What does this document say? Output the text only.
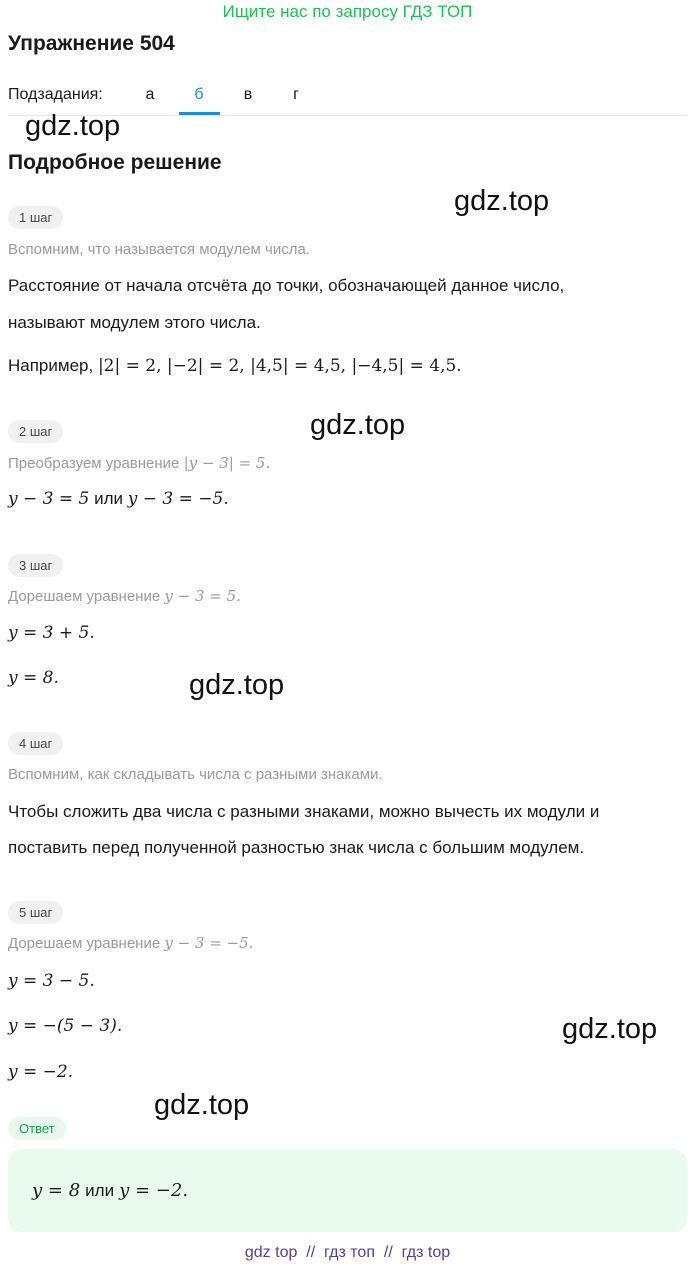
Ищите нас по запросу ГДЗ ТОП
Упражнение 504
Подзадания:	а	б	в	г
gdz.top
gdz.top
gdz.top
gdz.top
gdz.top
gdz.top
Подробное решение
1 шаг
Вспомним, что называется модулем числа.
Расстояние от начала отсчёта до точки, обозначающей данное число,
называют модулем этого числа.
Например, |2| = 2, |−2| = 2, |4,5| = 4,5, |−4,5| = 4,5.
2 шаг
Преобразуем уравнение |y − 3| = 5.
y − 3 = 5 или y − 3 = −5.
3 шаг
Дорешаем уравнение y − 3 = 5.
y = 3 + 5.
y = 8.
4 шаг
Вспомним, как складывать числа с разными знаками.
Чтобы сложить два числа с разными знаками, можно вычесть их модули и
поставить перед полученной разностью знак числа с большим модулем.
5 шаг
Дорешаем уравнение y − 3 = −5.
y = 3 − 5.
y = −(5 − 3).
y = −2.
Ответ
y = 8 или y = −2.
gdz top  //  гдз топ  //  гдз top
